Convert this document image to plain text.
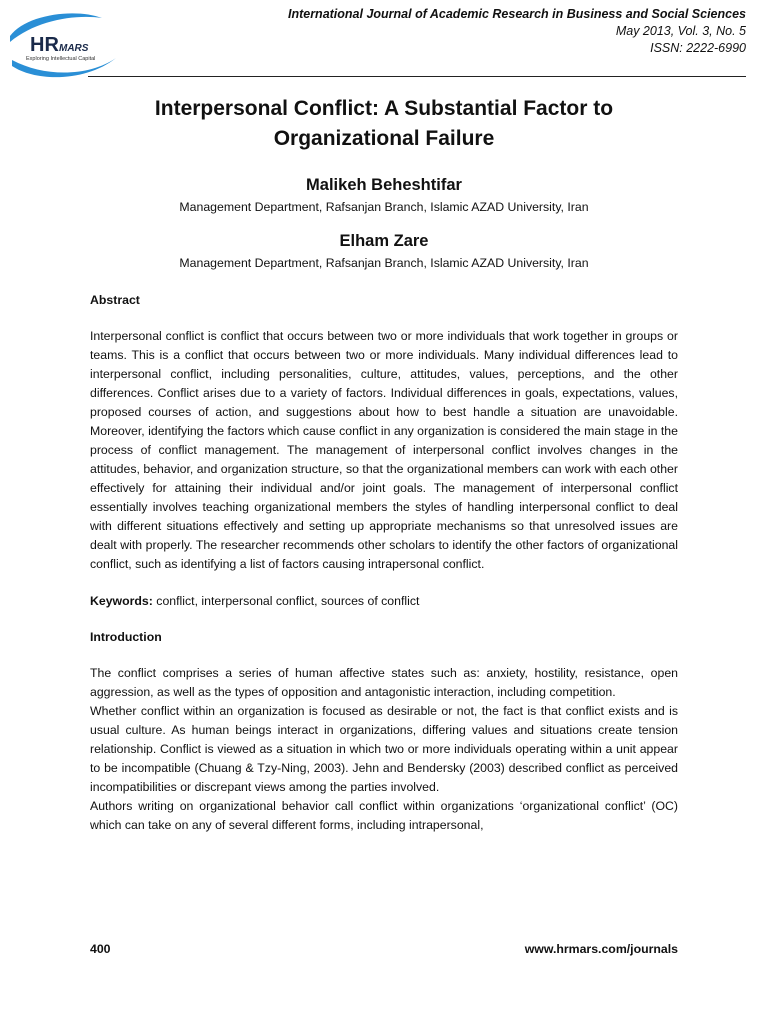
HR MARS
Exploring Intellectual Capital
International Journal of Academic Research in Business and Social Sciences
May 2013, Vol. 3, No. 5
ISSN: 2222-6990
Interpersonal Conflict: A Substantial Factor to
Organizational Failure
Malikeh Beheshtifar
Management Department, Rafsanjan Branch, Islamic AZAD University, Iran
Elham Zare
Management Department, Rafsanjan Branch, Islamic AZAD University, Iran
Abstract

Interpersonal conflict is conflict that occurs between two or more individuals that work together in groups or teams. This is a conflict that occurs between two or more individuals. Many individual differences lead to interpersonal conflict, including personalities, culture, attitudes, values, perceptions, and the other differences. Conflict arises due to a variety of factors. Individual differences in goals, expectations, values, proposed courses of action, and suggestions about how to best handle a situation are unavoidable. Moreover, identifying the factors which cause conflict in any organization is considered the main stage in the process of conflict management. The management of interpersonal conflict involves changes in the attitudes, behavior, and organization structure, so that the organizational members can work with each other effectively for attaining their individual and/or joint goals. The management of interpersonal conflict essentially involves teaching organizational members the styles of handling interpersonal conflict to deal with different situations effectively and setting up appropriate mechanisms so that unresolved issues are dealt with properly. The researcher recommends other scholars to identify the other factors of organizational conflict, such as identifying a list of factors causing intrapersonal conflict.

Keywords: conflict, interpersonal conflict, sources of conflict
Introduction

The conflict comprises a series of human affective states such as: anxiety, hostility, resistance, open aggression, as well as the types of opposition and antagonistic interaction, including competition.

Whether conflict within an organization is focused as desirable or not, the fact is that conflict exists and is usual culture. As human beings interact in organizations, differing values and situations create tension relationship. Conflict is viewed as a situation in which two or more individuals operating within a unit appear to be incompatible (Chuang & Tzy-Ning, 2003). Jehn and Bendersky (2003) described conflict as perceived incompatibilities or discrepant views among the parties involved.

Authors writing on organizational behavior call conflict within organizations ‘organizational conflict’ (OC) which can take on any of several different forms, including intrapersonal,

400	www.hrmars.com/journals
